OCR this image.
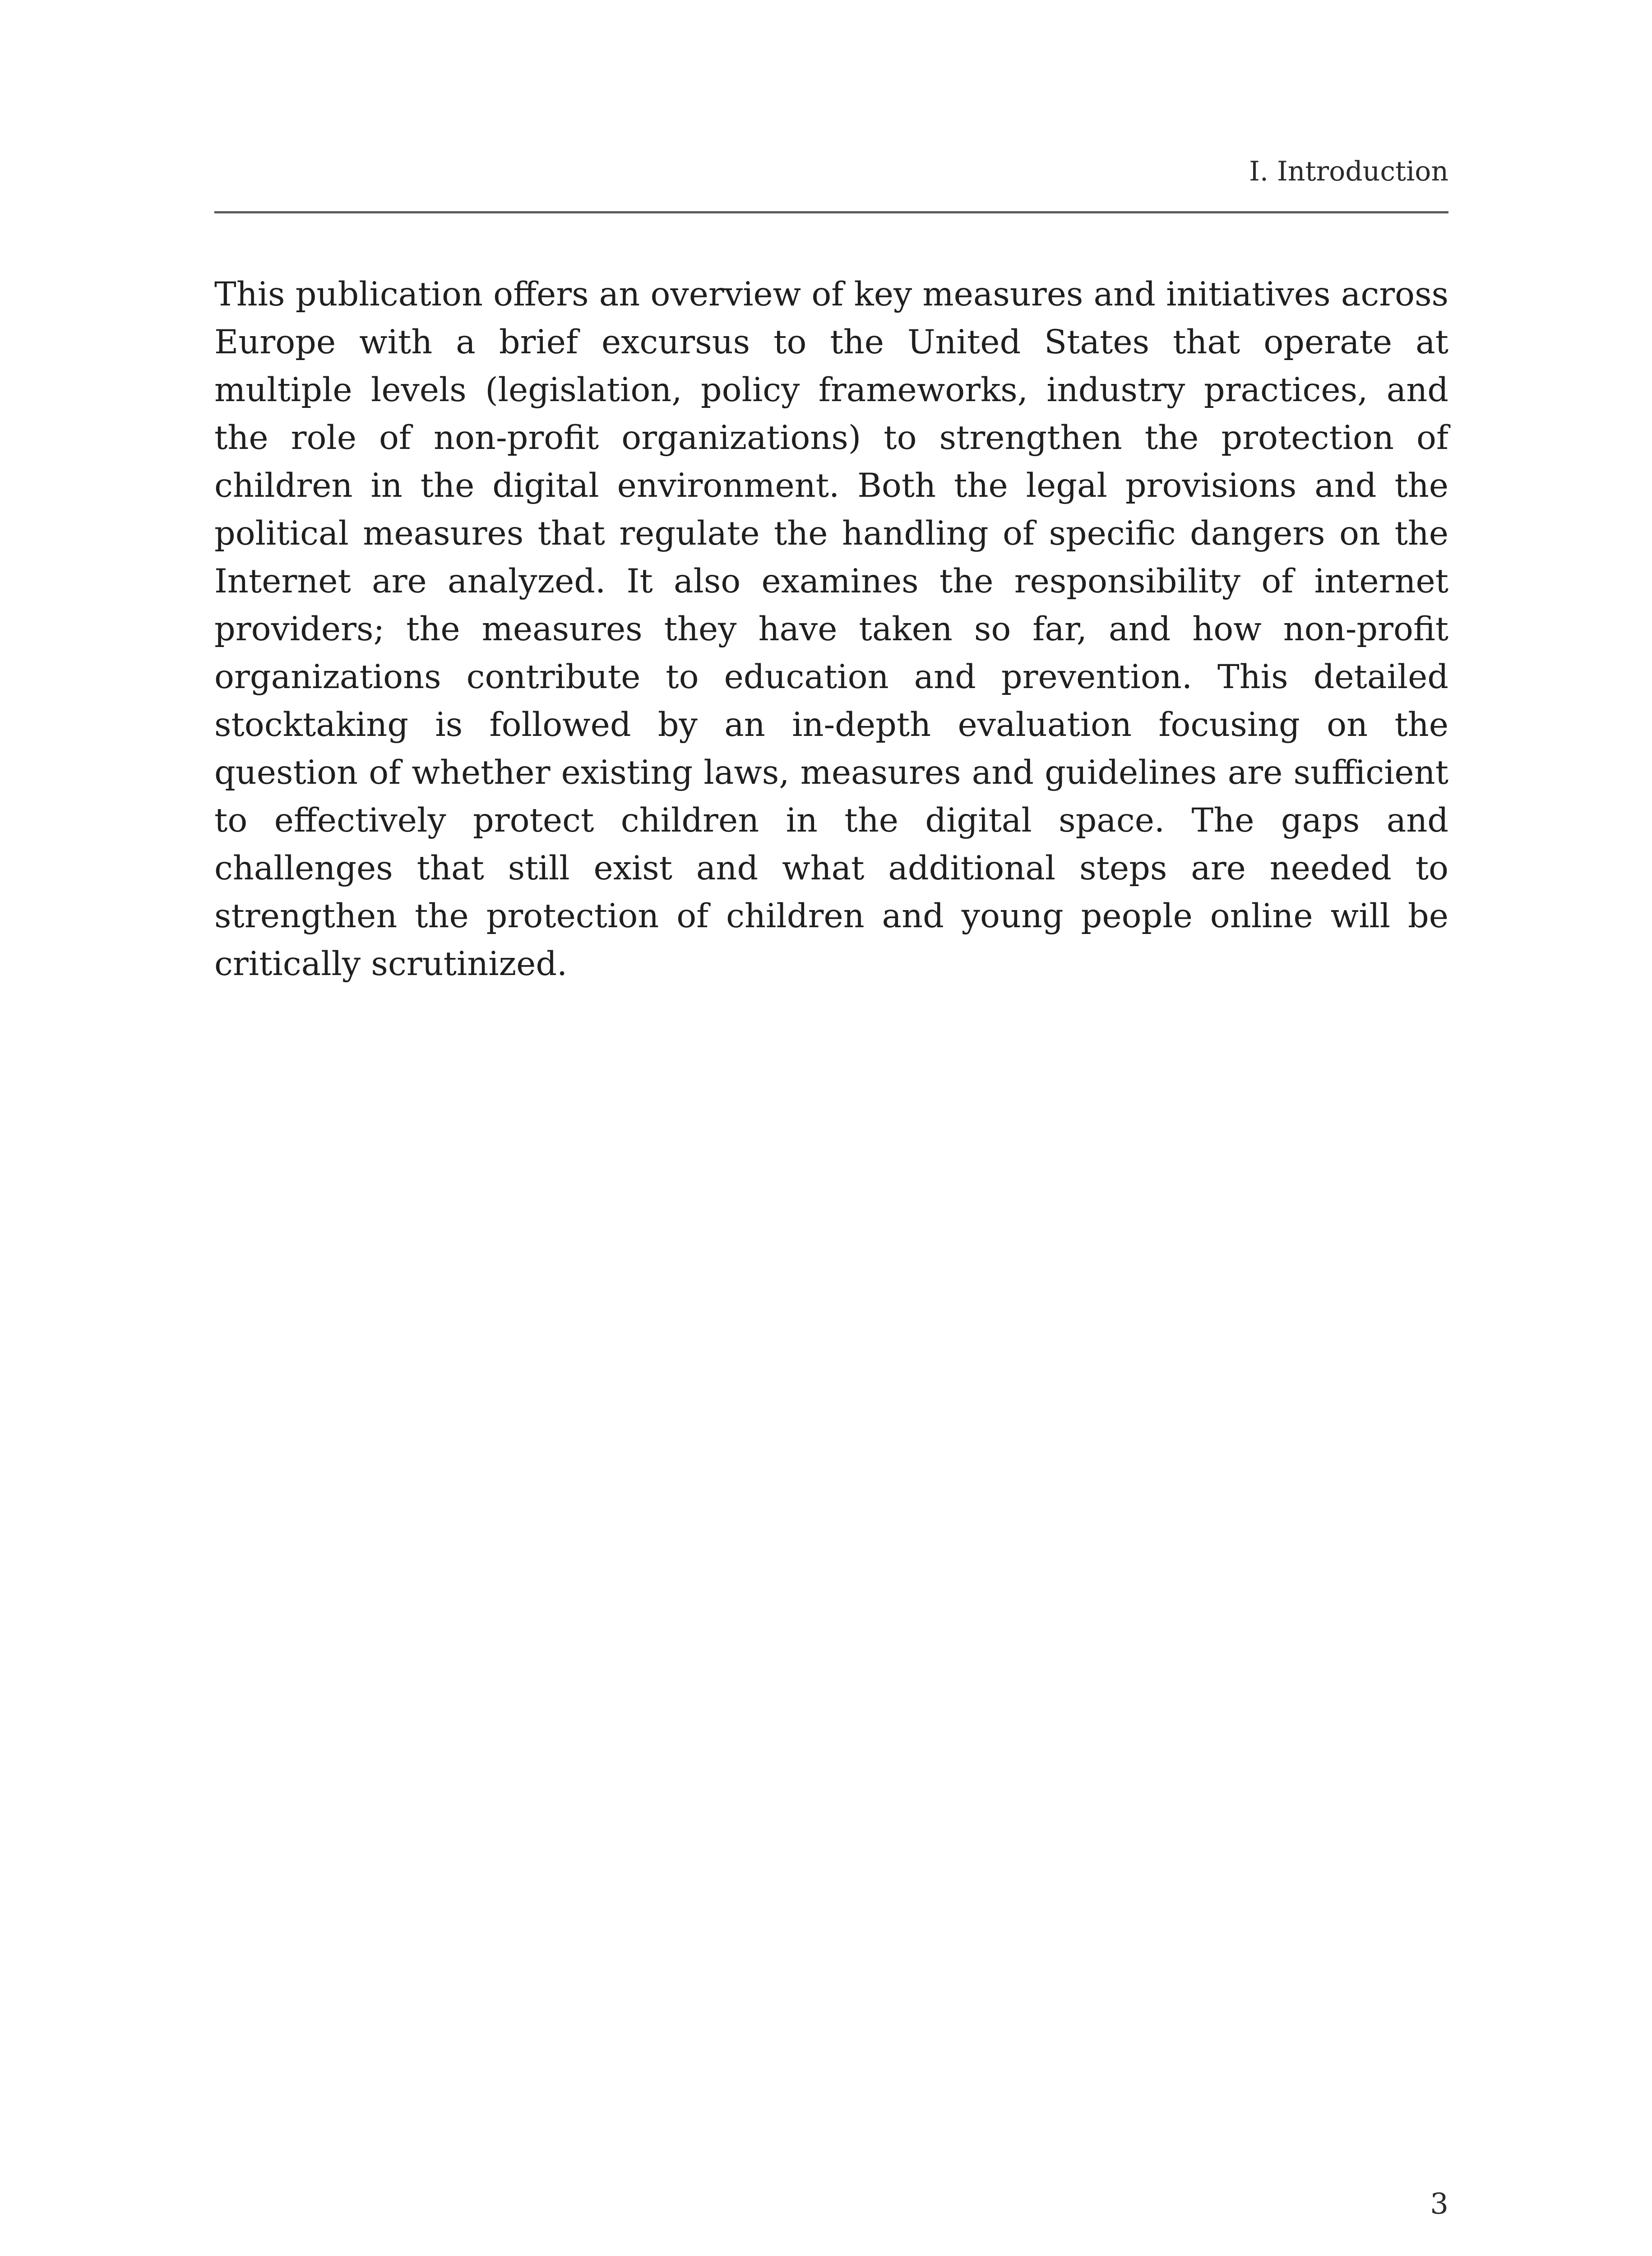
I. Introduction

This publication offers an overview of key measures and initiatives across Europe with a brief excursus to the United States that operate at multiple levels (legislation, policy frameworks, industry practices, and the role of non-profit organizations) to strengthen the protection of children in the digital environment. Both the legal provisions and the political measures that regulate the handling of specific dangers on the Internet are analyzed. It also examines the responsibility of internet providers; the measures they have taken so far, and how non-profit organizations contribute to education and prevention. This detailed stocktaking is followed by an in-depth evaluation focusing on the question of whether existing laws, measures and guidelines are sufficient to effectively protect children in the digital space. The gaps and challenges that still exist and what additional steps are needed to strengthen the protection of children and young people online will be critically scrutinized.

3
